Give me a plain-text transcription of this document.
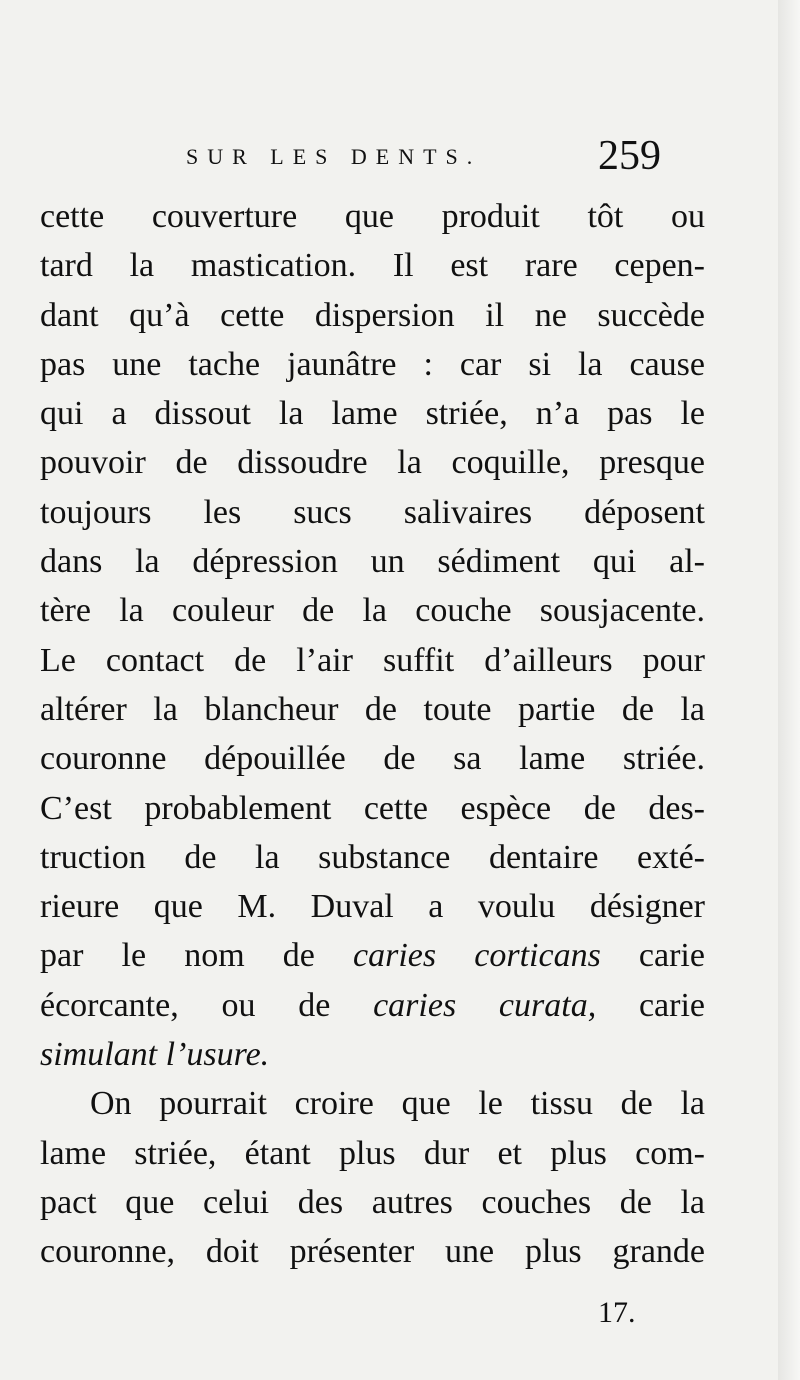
SUR LES DENTS.	259
cette couverture que produit tôt ou
tard la mastication. Il est rare cepen-
dant qu’à cette dispersion il ne succède
pas une tache jaunâtre : car si la cause
qui a dissout la lame striée, n’a pas le
pouvoir de dissoudre la coquille, presque
toujours les sucs salivaires déposent
dans la dépression un sédiment qui al-
tère la couleur de la couche sousjacente.
Le contact de l’air suffit d’ailleurs pour
altérer la blancheur de toute partie de la
couronne dépouillée de sa lame striée.
C’est probablement cette espèce de des-
truction de la substance dentaire exté-
rieure que M. Duval a voulu désigner
par le nom de caries corticans carie
écorcante, ou de caries curata, carie
simulant l’usure.
On pourrait croire que le tissu de la
lame striée, étant plus dur et plus com-
pact que celui des autres couches de la
couronne, doit présenter une plus grande
17.
